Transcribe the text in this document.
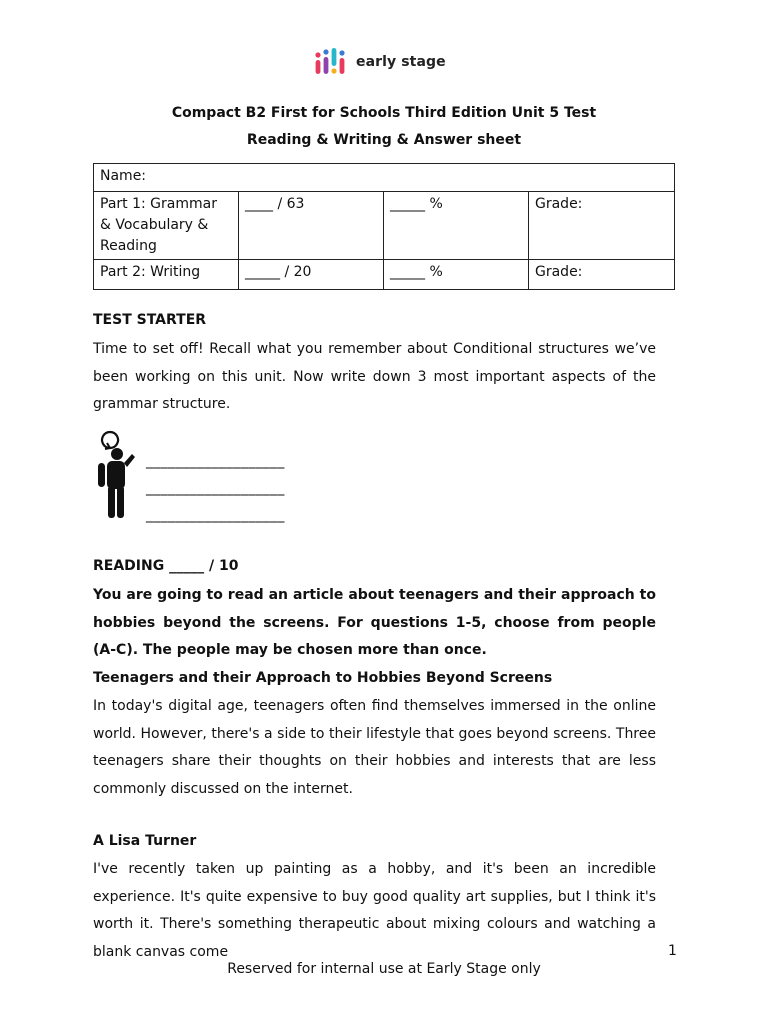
early stage
Compact B2 First for Schools Third Edition Unit 5 Test
Reading & Writing & Answer sheet
Name:			
Part 1: Grammar & Vocabulary & Reading	____ / 63	_____ %	Grade:
Part 2: Writing	_____ / 20	_____ %	Grade:
TEST STARTER
Time to set off! Recall what you remember about Conditional structures we’ve been working on this unit. Now write down 3 most important aspects of the grammar structure.
___________________
___________________
___________________
READING _____ / 10
You are going to read an article about teenagers and their approach to hobbies beyond the screens. For questions 1-5, choose from people (A-C). The people may be chosen more than once.
Teenagers and their Approach to Hobbies Beyond Screens
In today's digital age, teenagers often find themselves immersed in the online world. However, there's a side to their lifestyle that goes beyond screens. Three teenagers share their thoughts on their hobbies and interests that are less commonly discussed on the internet.
A Lisa Turner
I've recently taken up painting as a hobby, and it's been an incredible experience. It's quite expensive to buy good quality art supplies, but I think it's worth it. There's something therapeutic about mixing colours and watching a blank canvas come	1
Reserved for internal use at Early Stage only
